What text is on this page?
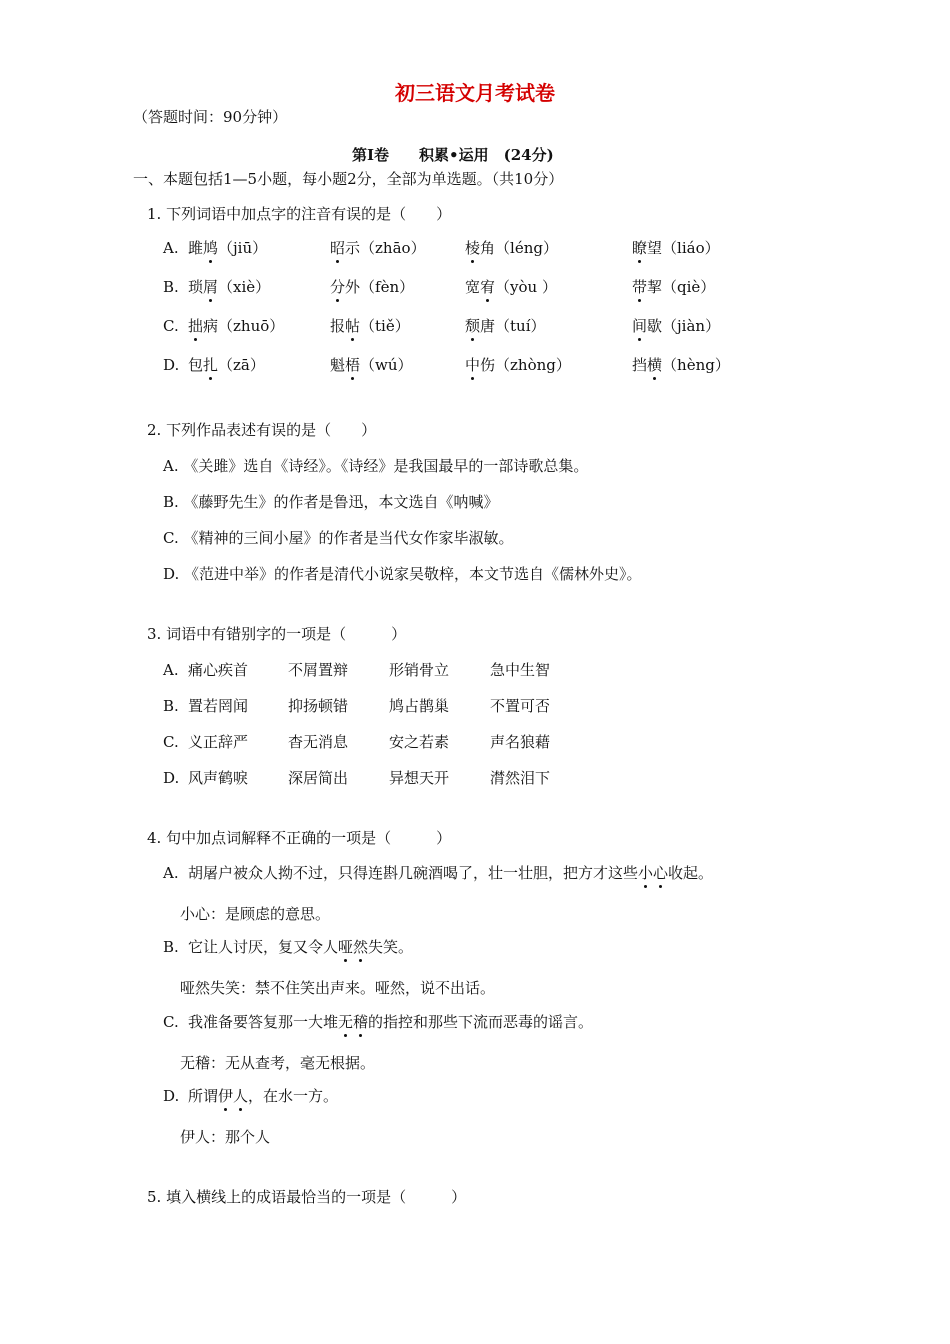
初三语文月考试卷
（答题时间：90分钟）
第Ⅰ卷　　积累•运用　(24分)
一、本题包括1—5小题，每小题2分，全部为单选题。（共10分）
1. 下列词语中加点字的注音有误的是（　　）
A. 雎鸠（jiū）	昭示（zhāo）	棱角（léng）	瞭望（liáo）
B. 琐屑（xiè）	分外（fèn）	宽宥（yòu ）	带挈（qiè）
C. 拙病（zhuō）	报帖（tiě）	颓唐（tuí）	间歇（jiàn）
D. 包扎（zā）	魁梧（wú）	中伤（zhòng）	挡横（hèng）
2. 下列作品表述有误的是（　　）
A. 《关雎》选自《诗经》。《诗经》是我国最早的一部诗歌总集。
B. 《藤野先生》的作者是鲁迅，本文选自《呐喊》
C. 《精神的三间小屋》的作者是当代女作家毕淑敏。
D. 《范进中举》的作者是清代小说家吴敬梓，本文节选自《儒林外史》。
3. 词语中有错别字的一项是（　　　）
A. 痛心疾首	不屑置辩	形销骨立	急中生智
B. 置若罔闻	抑扬顿错	鸠占鹊巢	不置可否
C. 义正辞严	杳无消息	安之若素	声名狼藉
D. 风声鹤唳	深居简出	异想天开	潸然泪下
4. 句中加点词解释不正确的一项是（　　　）
A. 胡屠户被众人拗不过，只得连斟几碗酒喝了，壮一壮胆，把方才这些小心收起。
小心：是顾虑的意思。
B. 它让人讨厌，复又令人哑然失笑。
哑然失笑：禁不住笑出声来。哑然，说不出话。
C. 我准备要答复那一大堆无稽的指控和那些下流而恶毒的谣言。
无稽：无从查考，毫无根据。
D. 所谓伊人，在水一方。
伊人：那个人
5. 填入横线上的成语最恰当的一项是（　　　）
